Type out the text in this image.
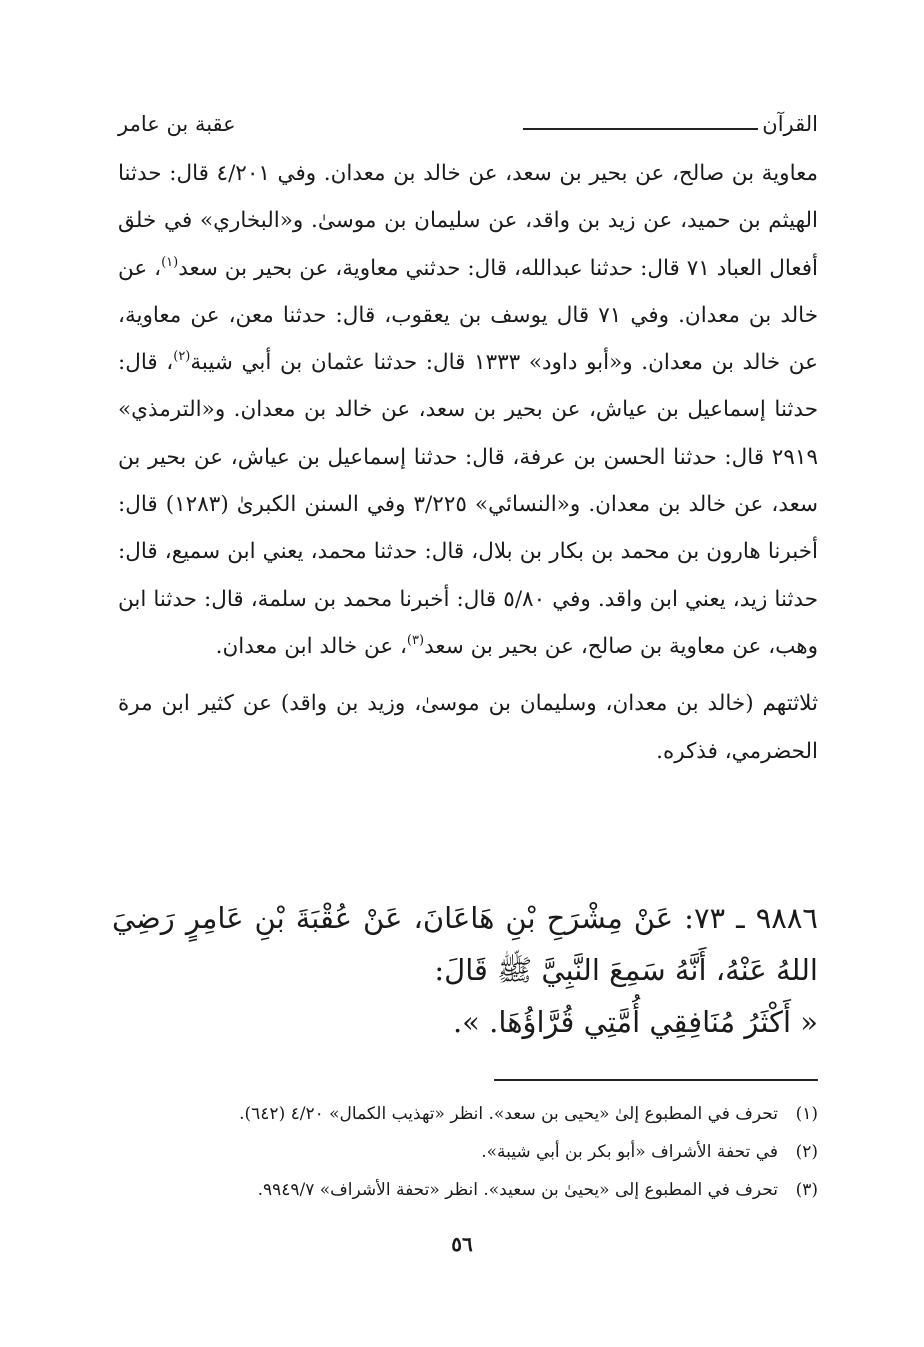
القرآن
عقبة بن عامر

معاوية بن صالح، عن بحير بن سعد، عن خالد بن معدان. وفي ٤/٢٠١ قال: حدثنا الهيثم بن حميد، عن زيد بن واقد، عن سليمان بن موسىٰ. و«البخاري» في خلق أفعال العباد ٧١ قال: حدثنا عبدالله، قال: حدثني معاوية، عن بحير بن سعد$^{(١)}$، عن خالد بن معدان. وفي ٧١ قال يوسف بن يعقوب، قال: حدثنا معن، عن معاوية، عن خالد بن معدان. و«أبو داود» ١٣٣٣ قال: حدثنا عثمان بن أبي شيبة$^{(٢)}$، قال: حدثنا إسماعيل بن عياش، عن بحير بن سعد، عن خالد بن معدان. و«الترمذي» ٢٩١٩ قال: حدثنا الحسن بن عرفة، قال: حدثنا إسماعيل بن عياش، عن بحير بن سعد، عن خالد بن معدان. و«النسائي» ٣/٢٢٥ وفي السنن الكبرىٰ (١٢٨٣) قال: أخبرنا هارون بن محمد بن بكار بن بلال، قال: حدثنا محمد، يعني ابن سميع، قال: حدثنا زيد، يعني ابن واقد. وفي ٥/٨٠ قال: أخبرنا محمد بن سلمة، قال: حدثنا ابن وهب، عن معاوية بن صالح، عن بحير بن سعد$^{(٣)}$، عن خالد ابن معدان.

ثلاثتهم (خالد بن معدان، وسليمان بن موسىٰ، وزيد بن واقد) عن كثير ابن مرة الحضرمي، فذكره.

٩٨٨٦ ـ ٧٣: عَنْ مِشْرَحِ بْنِ هَاعَانَ، عَنْ عُقْبَةَ بْنِ عَامِرٍ رَضِيَ اللهُ عَنْهُ، أَنَّهُ سَمِعَ النَّبِيَّ ﷺ قَالَ:

« أَكْثَرُ مُنَافِقِي أُمَّتِي قُرَّاؤُهَا. ».

(١)تحرف في المطبوع إلىٰ «يحيى بن سعد». انظر «تهذيب الكمال» ٤/٢٠ (٦٤٢).
(٢)في تحفة الأشراف «أبو بكر بن أبي شيبة».
(٣)تحرف في المطبوع إلى «يحيىٰ بن سعيد». انظر «تحفة الأشراف» ٩٩٤٩/٧.
٥٦
